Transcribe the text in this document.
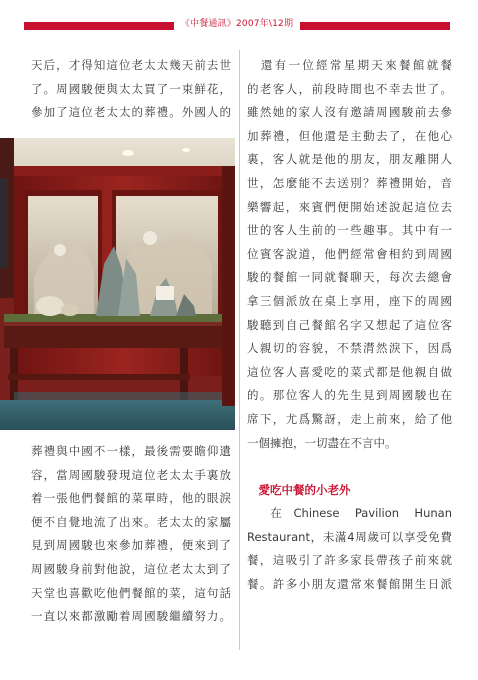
《中餐通訊》2007年\12期

天后，才得知這位老太太幾天前去世

了。周國駿便與太太買了一束鮮花，

參加了這位老太太的葬禮。外國人的

葬禮與中國不一樣，最後需要瞻仰遺

容，當周國駿發現這位老太太手裏放

着一張他們餐館的菜單時，他的眼淚

便不自覺地流了出來。老太太的家屬

見到周國駿也來參加葬禮，便來到了

周國駿身前對他說，這位老太太到了

天堂也喜歡吃他們餐館的菜，這句話

一直以來都激勵着周國駿繼續努力。

　還有一位經常星期天來餐館就餐

的老客人，前段時間也不幸去世了。

雖然她的家人沒有邀請周國駿前去參

加葬禮，但他還是主動去了，在他心

裏，客人就是他的朋友，朋友離開人

世，怎麼能不去送別？葬禮開始，音

樂響起，來賓們便開始述說起這位去

世的客人生前的一些趣事。其中有一

位賓客說道，他們經常會相約到周國

駿的餐館一同就餐聊天，每次去總會

拿三個派放在桌上享用，座下的周國

駿聽到自己餐館名字又想起了這位客

人親切的容貌，不禁潸然淚下，因爲

這位客人喜愛吃的菜式都是他親自做

的。那位客人的先生見到周國駿也在

席下，尤爲驚訝，走上前來，給了他

一個擁抱，一切盡在不言中。

　愛吃中餐的小老外

　在Chinese Pavilion Hunan

Restaurant，未滿4周歲可以享受免費

餐，這吸引了許多家長帶孩子前來就

餐。許多小朋友還常來餐館開生日派
